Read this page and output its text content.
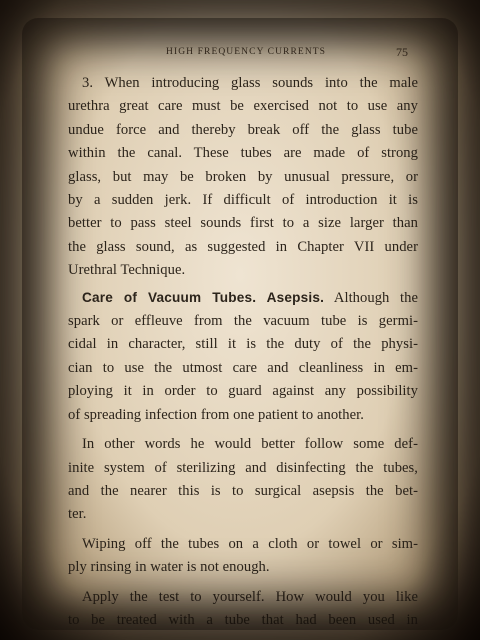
HIGH FREQUENCY CURRENTS	75
3. When introducing glass sounds into the male
urethra great care must be exercised not to use any
undue force and thereby break off the glass tube
within the canal. These tubes are made of strong
glass, but may be broken by unusual pressure, or
by a sudden jerk. If difficult of introduction it is
better to pass steel sounds first to a size larger than
the glass sound, as suggested in Chapter VII under
Urethral Technique.
Care of Vacuum Tubes. Asepsis. Although the
spark or effleuve from the vacuum tube is germi-
cidal in character, still it is the duty of the physi-
cian to use the utmost care and cleanliness in em-
ploying it in order to guard against any possibility
of spreading infection from one patient to another.
In other words he would better follow some def-
inite system of sterilizing and disinfecting the tubes,
and the nearer this is to surgical asepsis the bet-
ter.
Wiping off the tubes on a cloth or towel or sim-
ply rinsing in water is not enough.
Apply the test to yourself. How would you like
to be treated with a tube that had been used in
